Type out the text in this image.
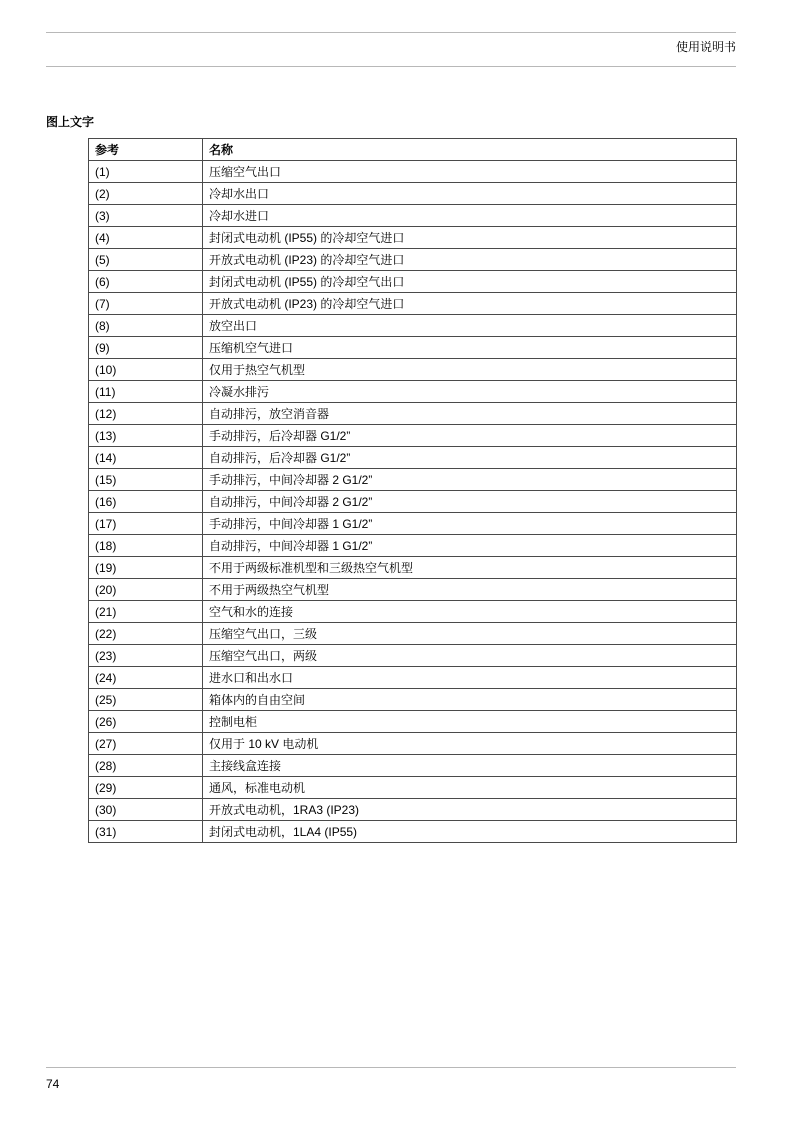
使用说明书
图上文字
参考	名称
(1)	压缩空气出口
(2)	冷却水出口
(3)	冷却水进口
(4)	封闭式电动机 (IP55) 的冷却空气进口
(5)	开放式电动机 (IP23) 的冷却空气进口
(6)	封闭式电动机 (IP55) 的冷却空气出口
(7)	开放式电动机 (IP23) 的冷却空气进口
(8)	放空出口
(9)	压缩机空气进口
(10)	仅用于热空气机型
(11)	冷凝水排污
(12)	自动排污，放空消音器
(13)	手动排污，后冷却器 G1/2”
(14)	自动排污，后冷却器 G1/2”
(15)	手动排污，中间冷却器 2 G1/2”
(16)	自动排污，中间冷却器 2 G1/2”
(17)	手动排污，中间冷却器 1 G1/2”
(18)	自动排污，中间冷却器 1 G1/2”
(19)	不用于两级标准机型和三级热空气机型
(20)	不用于两级热空气机型
(21)	空气和水的连接
(22)	压缩空气出口，三级
(23)	压缩空气出口，两级
(24)	进水口和出水口
(25)	箱体内的自由空间
(26)	控制电柜
(27)	仅用于 10 kV 电动机
(28)	主接线盒连接
(29)	通风，标准电动机
(30)	开放式电动机，1RA3 (IP23)
(31)	封闭式电动机，1LA4 (IP55)
74
